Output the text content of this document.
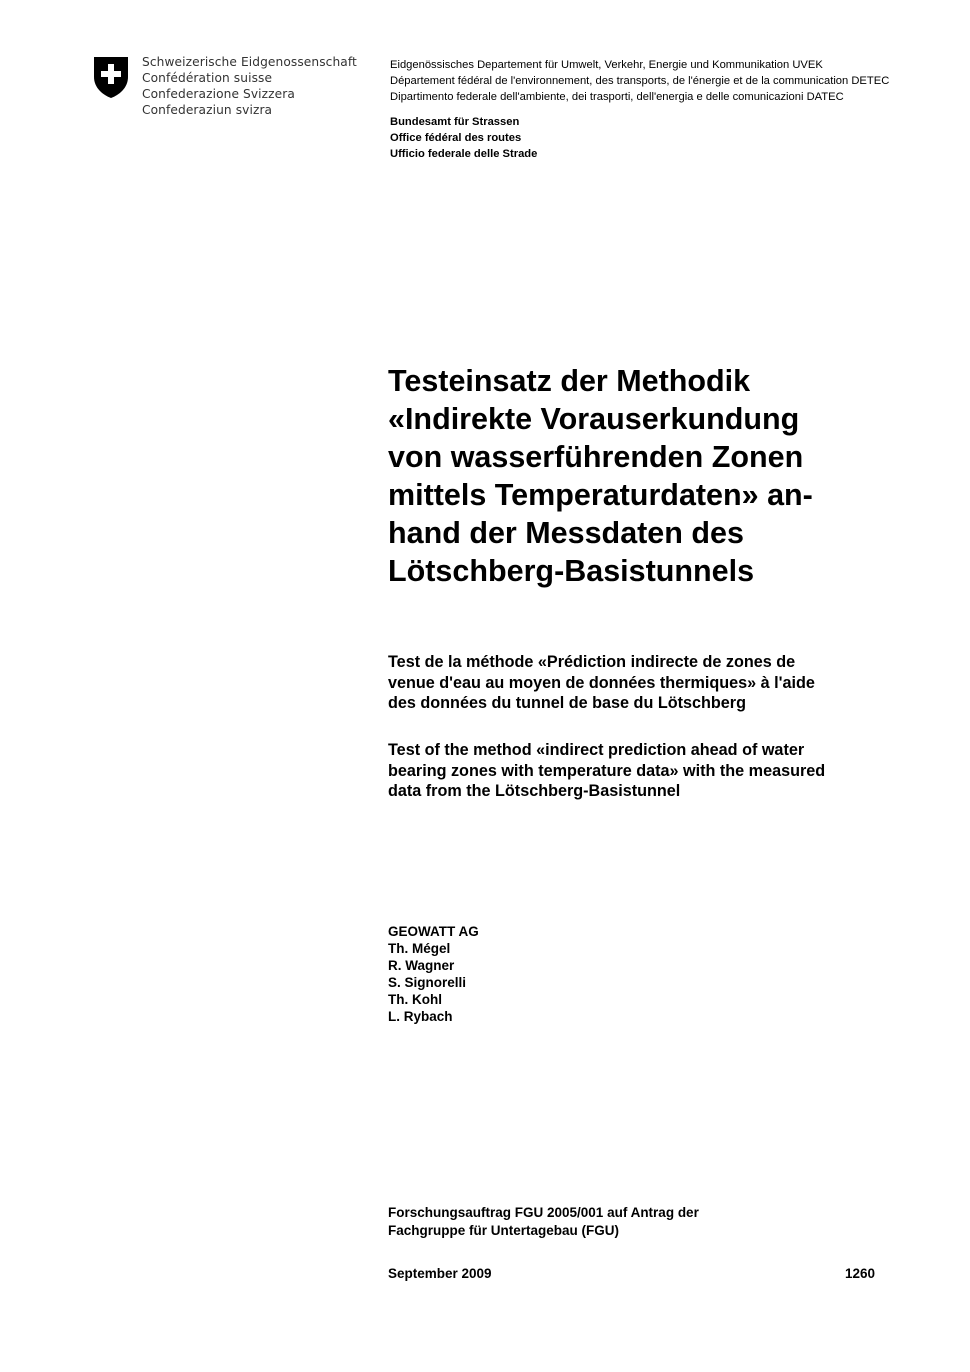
Schweizerische Eidgenossenschaft
Confédération suisse
Confederazione Svizzera
Confederaziun svizra
Eidgenössisches Departement für Umwelt, Verkehr, Energie und Kommunikation UVEK
Département fédéral de l'environnement, des transports, de l'énergie et de la communication DETEC
Dipartimento federale dell'ambiente, dei trasporti, dell'energia e delle comunicazioni DATEC
Bundesamt für Strassen
Office fédéral des routes
Ufficio federale delle Strade
Testeinsatz der Methodik
«Indirekte Vorauserkundung
von wasserführenden Zonen
mittels Temperaturdaten» an-
hand der Messdaten des
Lötschberg-Basistunnels
Test de la méthode «Prédiction indirecte de zones de
venue d'eau au moyen de données thermiques» à l'aide
des données du tunnel de base du Lötschberg
Test of the method «indirect prediction ahead of water
bearing zones with temperature data» with the measured
data from the Lötschberg-Basistunnel
GEOWATT AG
Th. Mégel
R. Wagner
S. Signorelli
Th. Kohl
L. Rybach
Forschungsauftrag FGU 2005/001 auf Antrag der
Fachgruppe für Untertagebau (FGU)
September 2009	1260
